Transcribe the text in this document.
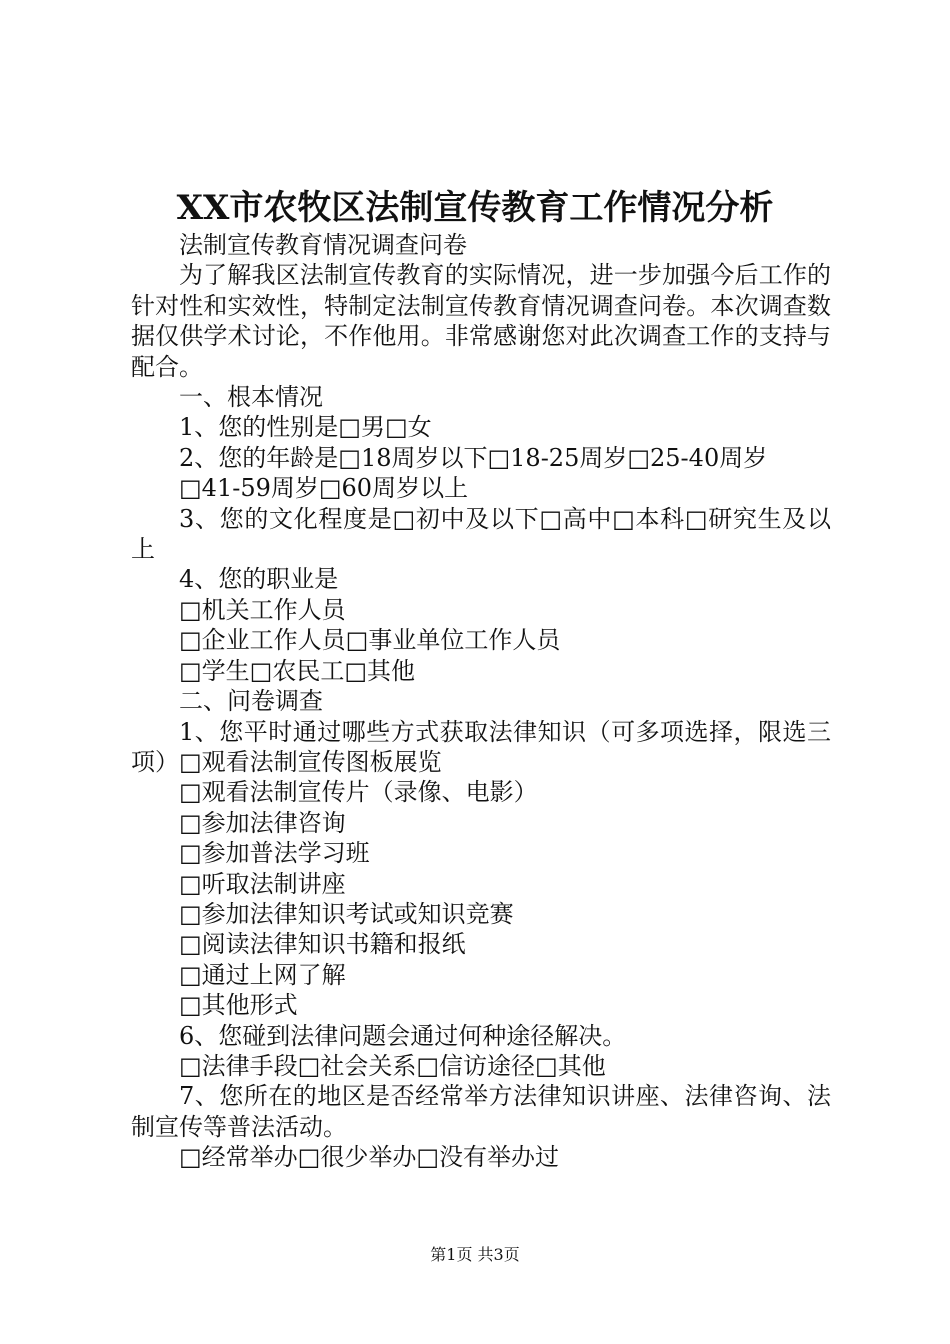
XX市农牧区法制宣传教育工作情况分析

法制宣传教育情况调查问卷

为了解我区法制宣传教育的实际情况，进一步加强今后工作的针对性和实效性，特制定法制宣传教育情况调查问卷。本次调查数据仅供学术讨论，不作他用。非常感谢您对此次调查工作的支持与配合。

一、根本情况

1、您的性别是□男□女

2、您的年龄是□18周岁以下□18-25周岁□25-40周岁

□41-59周岁□60周岁以上

3、您的文化程度是□初中及以下□高中□本科□研究生及以上

4、您的职业是

□机关工作人员

□企业工作人员□事业单位工作人员

□学生□农民工□其他

二、问卷调查

1、您平时通过哪些方式获取法律知识（可多项选择，限选三项）□观看法制宣传图板展览

□观看法制宣传片（录像、电影）

□参加法律咨询

□参加普法学习班

□听取法制讲座

□参加法律知识考试或知识竞赛

□阅读法律知识书籍和报纸

□通过上网了解

□其他形式

6、您碰到法律问题会通过何种途径解决。

□法律手段□社会关系□信访途径□其他

7、您所在的地区是否经常举方法律知识讲座、法律咨询、法制宣传等普法活动。

□经常举办□很少举办□没有举办过

第1页 共3页
